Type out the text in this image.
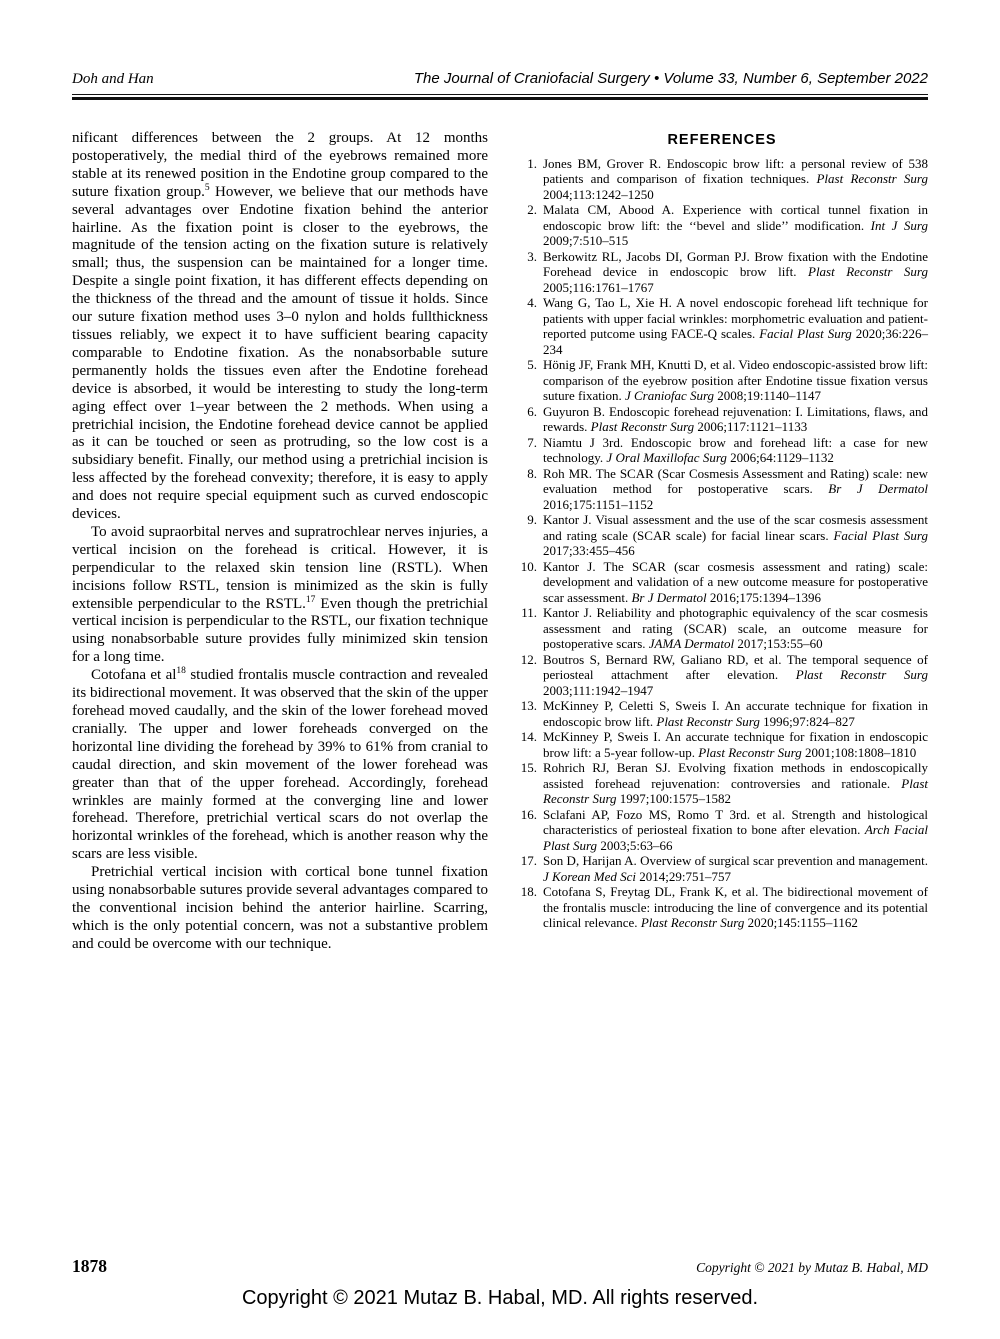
Doh and Han	The Journal of Craniofacial Surgery • Volume 33, Number 6, September 2022

nificant differences between the 2 groups. At 12 months postoperatively, the medial third of the eyebrows remained more stable at its renewed position in the Endotine group compared to the suture fixation group.$^5$ However, we believe that our methods have several advantages over Endotine fixation behind the anterior hairline. As the fixation point is closer to the eyebrows, the magnitude of the tension acting on the fixation suture is relatively small; thus, the suspension can be maintained for a longer time. Despite a single point fixation, it has different effects depending on the thickness of the thread and the amount of tissue it holds. Since our suture fixation method uses 3–0 nylon and holds fullthickness tissues reliably, we expect it to have sufficient bearing capacity comparable to Endotine fixation. As the nonabsorbable suture permanently holds the tissues even after the Endotine forehead device is absorbed, it would be interesting to study the long-term aging effect over 1–year between the 2 methods. When using a pretrichial incision, the Endotine forehead device cannot be applied as it can be touched or seen as protruding, so the low cost is a subsidiary benefit. Finally, our method using a pretrichial incision is less affected by the forehead convexity; therefore, it is easy to apply and does not require special equipment such as curved endoscopic devices.

To avoid supraorbital nerves and supratrochlear nerves injuries, a vertical incision on the forehead is critical. However, it is perpendicular to the relaxed skin tension line (RSTL). When incisions follow RSTL, tension is minimized as the skin is fully extensible perpendicular to the RSTL.$^{17}$ Even though the pretrichial vertical incision is perpendicular to the RSTL, our fixation technique using nonabsorbable suture provides fully minimized skin tension for a long time.

Cotofana et $al^{18}$ studied frontalis muscle contraction and revealed its bidirectional movement. It was observed that the skin of the upper forehead moved caudally, and the skin of the lower forehead moved cranially. The upper and lower foreheads converged on the horizontal line dividing the forehead by 39% to 61% from cranial to caudal direction, and skin movement of the lower forehead was greater than that of the upper forehead. Accordingly, forehead wrinkles are mainly formed at the converging line and lower forehead. Therefore, pretrichial vertical scars do not overlap the horizontal wrinkles of the forehead, which is another reason why the scars are less visible.

Pretrichial vertical incision with cortical bone tunnel fixation using nonabsorbable sutures provide several advantages compared to the conventional incision behind the anterior hairline. Scarring, which is the only potential concern, was not a substantive problem and could be overcome with our technique.

REFERENCES
1. Jones BM, Grover R. Endoscopic brow lift: a personal review of 538 patients and comparison of fixation techniques. Plast Reconstr Surg 2004;113:1242–1250
2. Malata CM, Abood A. Experience with cortical tunnel fixation in endoscopic brow lift: the ‘‘bevel and slide’’ modification. Int J Surg 2009;7:510–515
3. Berkowitz RL, Jacobs DI, Gorman PJ. Brow fixation with the Endotine Forehead device in endoscopic brow lift. Plast Reconstr Surg 2005;116:1761–1767
4. Wang G, Tao L, Xie H. A novel endoscopic forehead lift technique for patients with upper facial wrinkles: morphometric evaluation and patient-reported putcome using FACE-Q scales. Facial Plast Surg 2020;36:226–234
5. Hönig JF, Frank MH, Knutti D, et al. Video endoscopic-assisted brow lift: comparison of the eyebrow position after Endotine tissue fixation versus suture fixation. J Craniofac Surg 2008;19:1140–1147
6. Guyuron B. Endoscopic forehead rejuvenation: I. Limitations, flaws, and rewards. Plast Reconstr Surg 2006;117:1121–1133
7. Niamtu J 3rd. Endoscopic brow and forehead lift: a case for new technology. J Oral Maxillofac Surg 2006;64:1129–1132
8. Roh MR. The SCAR (Scar Cosmesis Assessment and Rating) scale: new evaluation method for postoperative scars. Br J Dermatol 2016;175:1151–1152
9. Kantor J. Visual assessment and the use of the scar cosmesis assessment and rating scale (SCAR scale) for facial linear scars. Facial Plast Surg 2017;33:455–456
10. Kantor J. The SCAR (scar cosmesis assessment and rating) scale: development and validation of a new outcome measure for postoperative scar assessment. Br J Dermatol 2016;175:1394–1396
11. Kantor J. Reliability and photographic equivalency of the scar cosmesis assessment and rating (SCAR) scale, an outcome measure for postoperative scars. JAMA Dermatol 2017;153:55–60
12. Boutros S, Bernard RW, Galiano RD, et al. The temporal sequence of periosteal attachment after elevation. Plast Reconstr Surg 2003;111:1942–1947
13. McKinney P, Celetti S, Sweis I. An accurate technique for fixation in endoscopic brow lift. Plast Reconstr Surg 1996;97:824–827
14. McKinney P, Sweis I. An accurate technique for fixation in endoscopic brow lift: a 5-year follow-up. Plast Reconstr Surg 2001;108:1808–1810
15. Rohrich RJ, Beran SJ. Evolving fixation methods in endoscopically assisted forehead rejuvenation: controversies and rationale. Plast Reconstr Surg 1997;100:1575–1582
16. Sclafani AP, Fozo MS, Romo T 3rd. et al. Strength and histological characteristics of periosteal fixation to bone after elevation. Arch Facial Plast Surg 2003;5:63–66
17. Son D, Harijan A. Overview of surgical scar prevention and management. J Korean Med Sci 2014;29:751–757
18. Cotofana S, Freytag DL, Frank K, et al. The bidirectional movement of the frontalis muscle: introducing the line of convergence and its potential clinical relevance. Plast Reconstr Surg 2020;145:1155–1162
1878	Copyright © 2021 by Mutaz B. Habal, MD
Copyright © 2021 Mutaz B. Habal, MD. All rights reserved.
